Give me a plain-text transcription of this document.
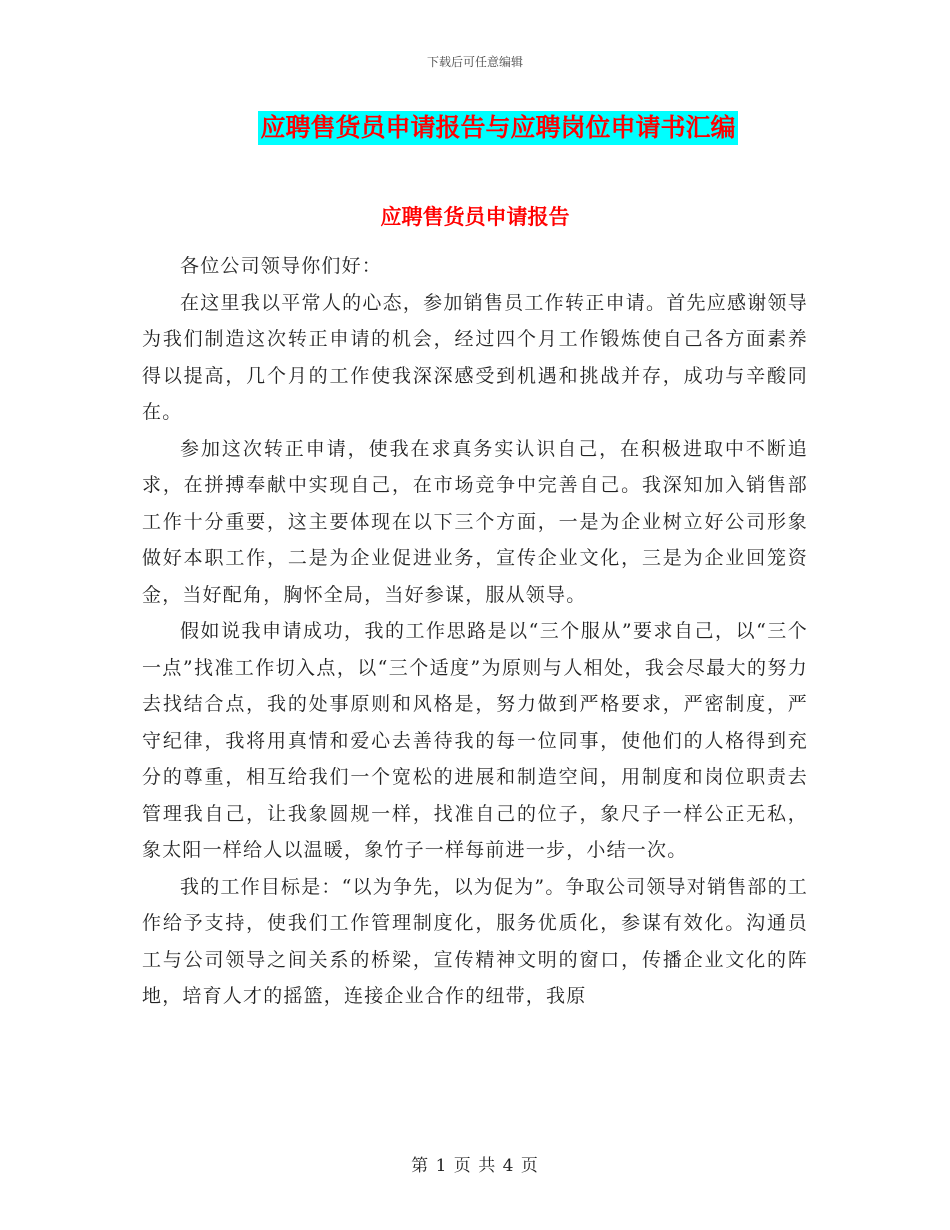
下载后可任意编辑
应聘售货员申请报告与应聘岗位申请书汇编
应聘售货员申请报告

各位公司领导你们好：

在这里我以平常人的心态，参加销售员工作转正申请。首先应感谢领导为我们制造这次转正申请的机会，经过四个月工作锻炼使自己各方面素养得以提高，几个月的工作使我深深感受到机遇和挑战并存，成功与辛酸同在。

参加这次转正申请，使我在求真务实认识自己，在积极进取中不断追求，在拼搏奉献中实现自己，在市场竞争中完善自己。我深知加入销售部工作十分重要，这主要体现在以下三个方面，一是为企业树立好公司形象做好本职工作，二是为企业促进业务，宣传企业文化，三是为企业回笼资金，当好配角，胸怀全局，当好参谋，服从领导。

假如说我申请成功，我的工作思路是以“三个服从”要求自己，以“三个一点”找准工作切入点，以“三个适度”为原则与人相处，我会尽最大的努力去找结合点，我的处事原则和风格是，努力做到严格要求，严密制度，严守纪律，我将用真情和爱心去善待我的每一位同事，使他们的人格得到充分的尊重，相互给我们一个宽松的进展和制造空间，用制度和岗位职责去管理我自己，让我象圆规一样，找准自己的位子，象尺子一样公正无私，象太阳一样给人以温暖，象竹子一样每前进一步，小结一次。

我的工作目标是：“以为争先，以为促为”。争取公司领导对销售部的工作给予支持，使我们工作管理制度化，服务优质化，参谋有效化。沟通员工与公司领导之间关系的桥梁，宣传精神文明的窗口，传播企业文化的阵地，培育人才的摇篮，连接企业合作的纽带，我原

第 1 页 共 4 页
